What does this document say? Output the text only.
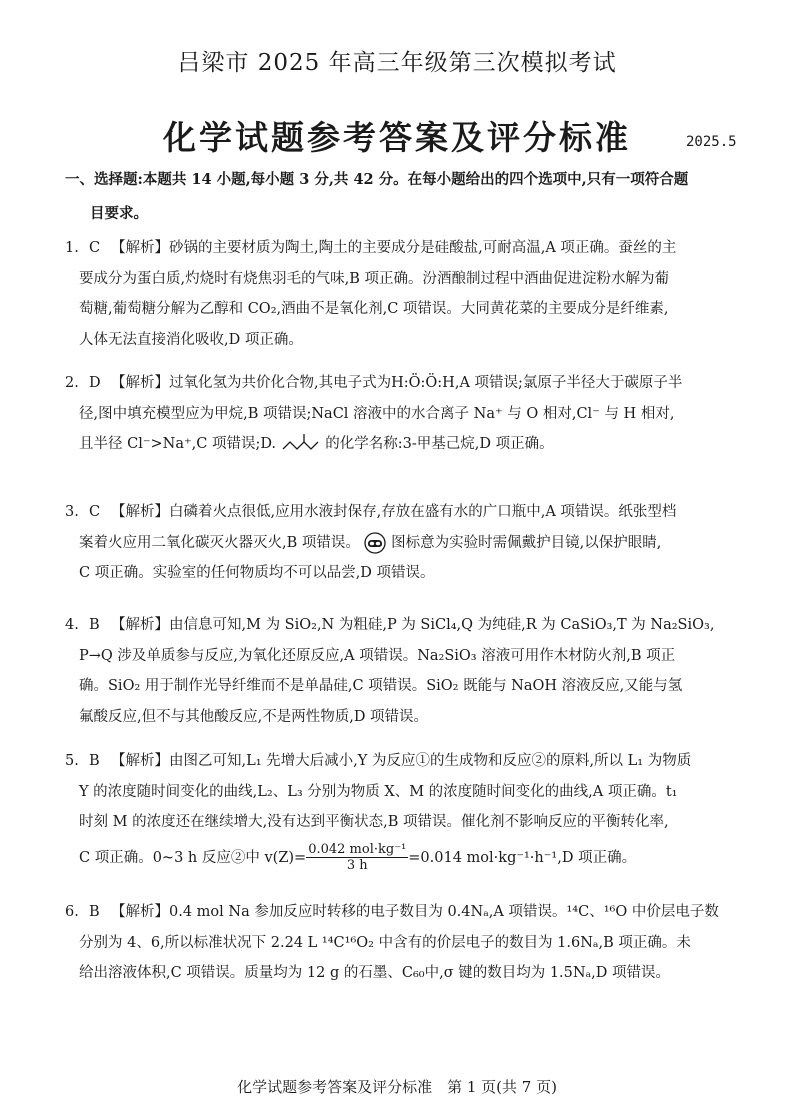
吕梁市 2025 年高三年级第三次模拟考试
化学试题参考答案及评分标准	2025.5
一、选择题:本题共 14 小题,每小题 3 分,共 42 分。在每小题给出的四个选项中,只有一项符合题
目要求。
1. C 【解析】砂锅的主要材质为陶土,陶土的主要成分是硅酸盐,可耐高温,A 项正确。蚕丝的主
要成分为蛋白质,灼烧时有烧焦羽毛的气味,B 项正确。汾酒酿制过程中酒曲促进淀粉水解为葡
萄糖,葡萄糖分解为乙醇和 CO₂,酒曲不是氧化剂,C 项错误。大同黄花菜的主要成分是纤维素,
人体无法直接消化吸收,D 项正确。
2. D 【解析】过氧化氢为共价化合物,其电子式为H:Ö:Ö:H,A 项错误;氯原子半径大于碳原子半
径,图中填充模型应为甲烷,B 项错误;NaCl 溶液中的水合离子 Na⁺ 与 O 相对,Cl⁻ 与 H 相对,
且半径 Cl⁻>Na⁺,C 项错误;D.	的化学名称:3-甲基己烷,D 项正确。
3. C 【解析】白磷着火点很低,应用水液封保存,存放在盛有水的广口瓶中,A 项错误。纸张型档
案着火应用二氧化碳灭火器灭火,B 项错误。 图标意为实验时需佩戴护目镜,以保护眼睛,
C 项正确。实验室的任何物质均不可以品尝,D 项错误。
4. B 【解析】由信息可知,M 为 SiO₂,N 为粗硅,P 为 SiCl₄,Q 为纯硅,R 为 CaSiO₃,T 为 Na₂SiO₃,
P→Q 涉及单质参与反应,为氧化还原反应,A 项错误。Na₂SiO₃ 溶液可用作木材防火剂,B 项正
确。SiO₂ 用于制作光导纤维而不是单晶硅,C 项错误。SiO₂ 既能与 NaOH 溶液反应,又能与氢
氟酸反应,但不与其他酸反应,不是两性物质,D 项错误。
5. B 【解析】由图乙可知,L₁ 先增大后减小,Y 为反应①的生成物和反应②的原料,所以 L₁ 为物质
Y 的浓度随时间变化的曲线,L₂、L₃ 分别为物质 X、M 的浓度随时间变化的曲线,A 项正确。t₁
时刻 M 的浓度还在继续增大,没有达到平衡状态,B 项错误。催化剂不影响反应的平衡转化率,
C 项正确。0~3 h 反应②中 $v(Z)= \frac{\text{0.042 mol·kg⁻¹}}{3 h} =0.014$ mol·kg⁻¹·h⁻¹,D 项正确。
6. B 【解析】0.4 mol Na 参加反应时转移的电子数目为 0.4Nₐ,A 项错误。¹⁴C、¹⁶O 中价层电子数
分别为 4、6,所以标准状况下 2.24 L ¹⁴C¹⁶O₂ 中含有的价层电子的数目为 1.6Nₐ,B 项正确。未
给出溶液体积,C 项错误。质量均为 12 g 的石墨、C₆₀中,σ 键的数目均为 1.5Nₐ,D 项错误。
化学试题参考答案及评分标准　第 1 页(共 7 页)
